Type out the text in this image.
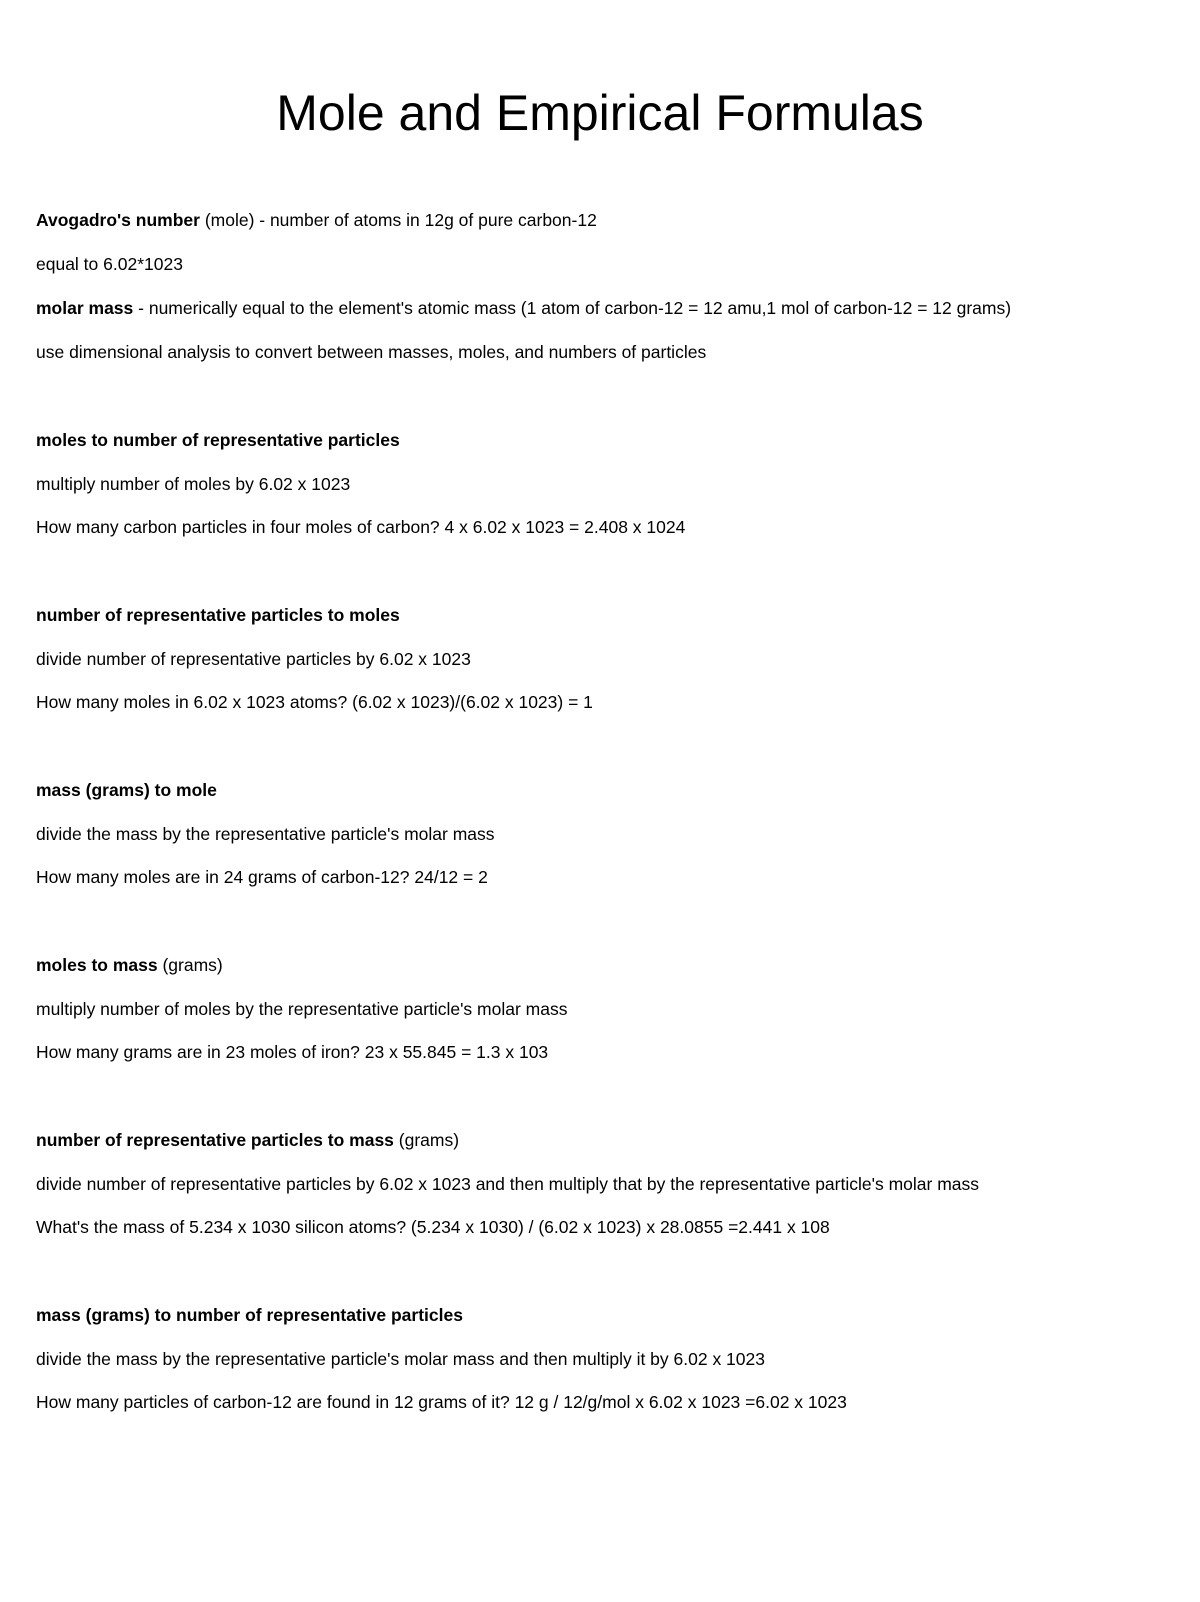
Mole and Empirical Formulas
Avogadro's number (mole) - number of atoms in 12g of pure carbon-12
equal to 6.02*1023
molar mass - numerically equal to the element's atomic mass (1 atom of carbon-12 = 12 amu,1 mol of carbon-12 = 12 grams)
use dimensional analysis to convert between masses, moles, and numbers of particles
moles to number of representative particles
multiply number of moles by 6.02 x 1023
How many carbon particles in four moles of carbon? 4 x 6.02 x 1023 = 2.408 x 1024
number of representative particles to moles
divide number of representative particles by 6.02 x 1023
How many moles in 6.02 x 1023 atoms? (6.02 x 1023)/(6.02 x 1023) = 1
mass (grams) to mole
divide the mass by the representative particle's molar mass
How many moles are in 24 grams of carbon-12? 24/12 = 2
moles to mass (grams)
multiply number of moles by the representative particle's molar mass
How many grams are in 23 moles of iron? 23 x 55.845 = 1.3 x 103
number of representative particles to mass (grams)
divide number of representative particles by 6.02 x 1023 and then multiply that by the representative particle's molar mass
What's the mass of 5.234 x 1030 silicon atoms? (5.234 x 1030) / (6.02 x 1023) x 28.0855 =2.441 x 108
mass (grams) to number of representative particles
divide the mass by the representative particle's molar mass and then multiply it by 6.02 x 1023
How many particles of carbon-12 are found in 12 grams of it? 12 g / 12/g/mol x 6.02 x 1023 =6.02 x 1023
